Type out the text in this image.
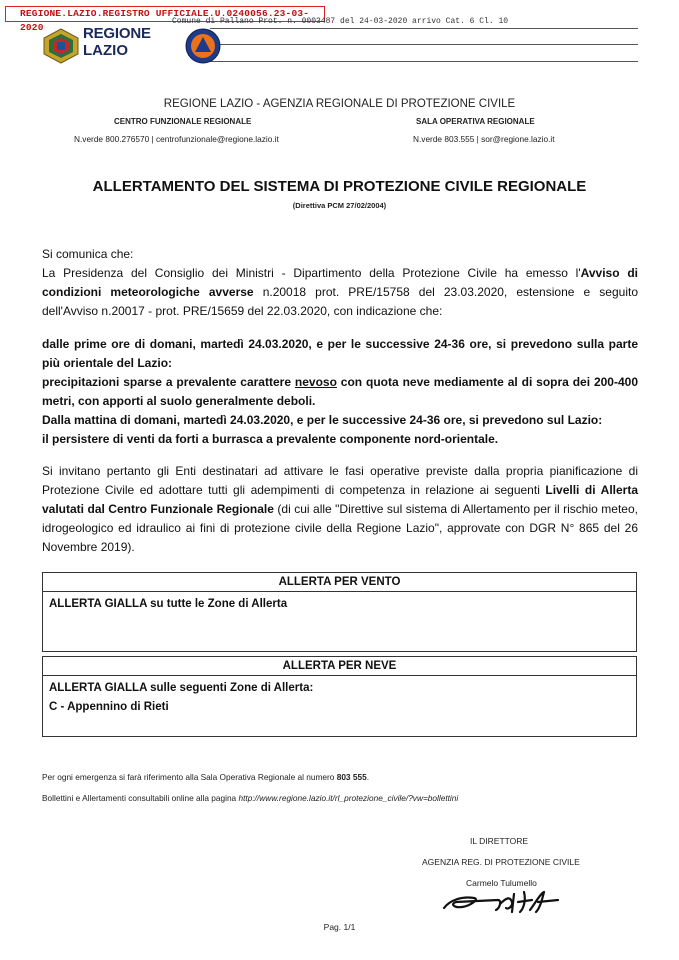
REGIONE.LAZIO.REGISTRO UFFICIALE.U.0240056.23-03-2020
Comune di Pallano Prot. n. 0003487 del 24-03-2020 arrivo Cat. 6 Cl. 10
REGIONE
LAZIO
REGIONE LAZIO - AGENZIA REGIONALE DI PROTEZIONE CIVILE
CENTRO FUNZIONALE REGIONALE	SALA OPERATIVA REGIONALE
N.verde 800.276570 | centrofunzionale@regione.lazio.it	N.verde 803.555 | sor@regione.lazio.it
ALLERTAMENTO DEL SISTEMA DI PROTEZIONE CIVILE REGIONALE
(Direttiva PCM 27/02/2004)
Si comunica che:
La Presidenza del Consiglio dei Ministri - Dipartimento della Protezione Civile ha emesso l'Avviso di condizioni meteorologiche avverse n.20018 prot. PRE/15758 del 23.03.2020, estensione e seguito dell'Avviso n.20017 - prot. PRE/15659 del 22.03.2020, con indicazione che:
dalle prime ore di domani, martedì 24.03.2020, e per le successive 24-36 ore, si prevedono sulla parte più orientale del Lazio:
precipitazioni sparse a prevalente carattere nevoso con quota neve mediamente al di sopra dei 200-400 metri, con apporti al suolo generalmente deboli.
Dalla mattina di domani, martedì 24.03.2020, e per le successive 24-36 ore, si prevedono sul Lazio:
il persistere di venti da forti a burrasca a prevalente componente nord-orientale.
Si invitano pertanto gli Enti destinatari ad attivare le fasi operative previste dalla propria pianificazione di Protezione Civile ed adottare tutti gli adempimenti di competenza in relazione ai seguenti Livelli di Allerta valutati dal Centro Funzionale Regionale (di cui alle "Direttive sul sistema di Allertamento per il rischio meteo, idrogeologico ed idraulico ai fini di protezione civile della Regione Lazio", approvate con DGR N° 865 del 26 Novembre 2019).
ALLERTA PER VENTO
ALLERTA GIALLA su tutte le Zone di Allerta
ALLERTA PER NEVE
ALLERTA GIALLA sulle seguenti Zone di Allerta:
C - Appennino di Rieti
Per ogni emergenza si farà riferimento alla Sala Operativa Regionale al numero 803 555.
Bollettini e Allertamenti consultabili online alla pagina http://www.regione.lazio.it/rl_protezione_civile/?vw=bollettini
IL DIRETTORE
AGENZIA REG. DI PROTEZIONE CIVILE
Carmelo Tulumello
Pag. 1/1
